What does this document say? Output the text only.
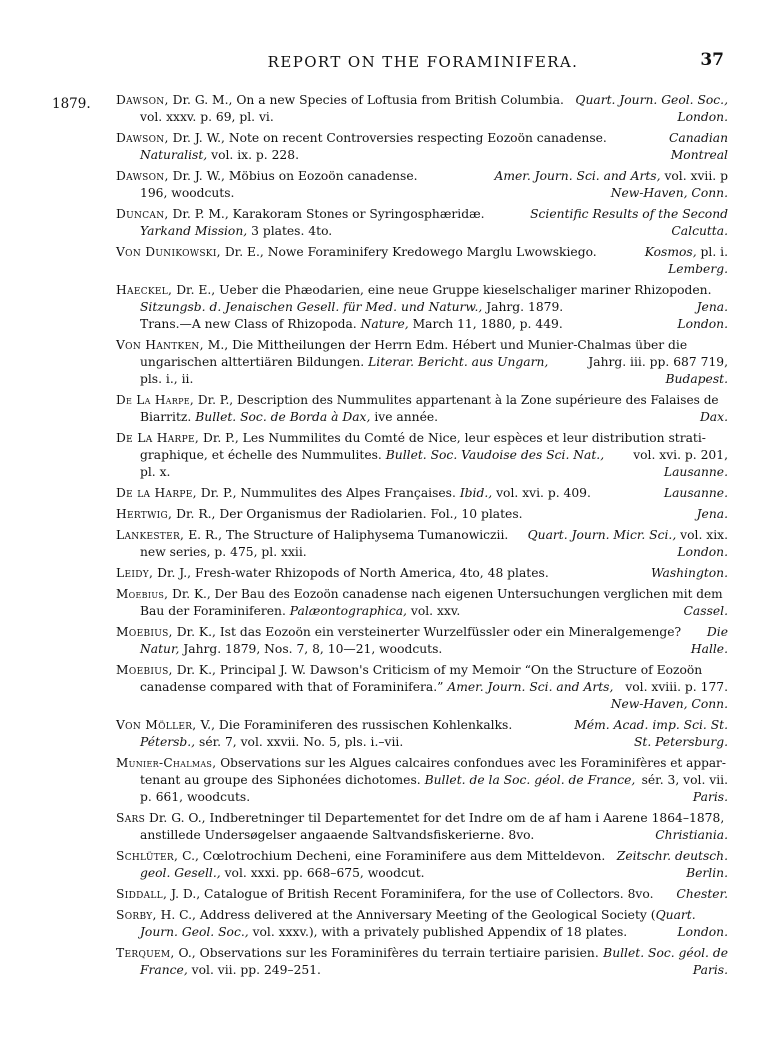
REPORT ON THE FORAMINIFERA.	37
1879. Dawson, Dr. G. M., On a new Species of Loftusia from British Columbia. Quart. Journ. Geol. Soc.,
vol. xxxv. p. 69, pl. vi.	London.
Dawson, Dr. J. W., Note on recent Controversies respecting Eozoön canadense.	Canadian
Naturalist, vol. ix. p. 228.	Montreal
Dawson, Dr. J. W., Möbius on Eozoön canadense.	Amer. Journ. Sci. and Arts, vol. xvii. p
196, woodcuts.	New-Haven, Conn.
Duncan, Dr. P. M., Karakoram Stones or Syringosphæridæ.	Scientific Results of the Second
Yarkand Mission, 3 plates. 4to.	Calcutta.
Von Dunikowski, Dr. E., Nowe Foraminifery Kredowego Marglu Lwowskiego.	Kosmos, pl. i.
Lemberg.
Haeckel, Dr. E., Ueber die Phæodarien, eine neue Gruppe kieselschaliger mariner Rhizopoden.
Sitzungsb. d. Jenaischen Gesell. für Med. und Naturw., Jahrg. 1879.	Jena.
Trans.—A new Class of Rhizopoda. Nature, March 11, 1880, p. 449.	London.
Von Hantken, M., Die Mittheilungen der Herrn Edm. Hébert und Munier-Chalmas über die
ungarischen alttertiären Bildungen. Literar. Bericht. aus Ungarn,	Jahrg. iii. pp. 687 719,
pls. i., ii.	Budapest.
De La Harpe, Dr. P., Description des Nummulites appartenant à la Zone supérieure des Falaises de
Biarritz. Bullet. Soc. de Borda à Dax, ive année.	Dax.
De La Harpe, Dr. P., Les Nummilites du Comté de Nice, leur espèces et leur distribution strati-
graphique, et échelle des Nummulites. Bullet. Soc. Vaudoise des Sci. Nat., vol. xvi. p. 201,
pl. x.	Lausanne.
De la Harpe, Dr. P., Nummulites des Alpes Françaises. Ibid., vol. xvi. p. 409.	Lausanne.
Hertwig, Dr. R., Der Organismus der Radiolarien. Fol., 10 plates.	Jena.
Lankester, E. R., The Structure of Haliphysema Tumanowiczii. Quart. Journ. Micr. Sci., vol. xix.
new series, p. 475, pl. xxii.	London.
Leidy, Dr. J., Fresh-water Rhizopods of North America, 4to, 48 plates.	Washington.
Moebius, Dr. K., Der Bau des Eozoön canadense nach eigenen Untersuchungen verglichen mit dem
Bau der Foraminiferen. Palæontographica, vol. xxv.	Cassel.
Moebius, Dr. K., Ist das Eozoön ein versteinerter Wurzelfüssler oder ein Mineralgemenge? Die
Natur, Jahrg. 1879, Nos. 7, 8, 10—21, woodcuts.	Halle.
Moebius, Dr. K., Principal J. W. Dawson's Criticism of my Memoir “On the Structure of Eozoön
canadense compared with that of Foraminifera.” Amer. Journ. Sci. and Arts, vol. xviii. p. 177.
New-Haven, Conn.
Von Möller, V., Die Foraminiferen des russischen Kohlenkalks.	Mém. Acad. imp. Sci. St.
Pétersb., sér. 7, vol. xxvii. No. 5, pls. i.–vii.	St. Petersburg.
Munier-Chalmas, Observations sur les Algues calcaires confondues avec les Foraminifères et appar-
tenant au groupe des Siphonées dichotomes. Bullet. de la Soc. géol. de France, sér. 3, vol. vii.
p. 661, woodcuts.	Paris.
Sars Dr. G. O., Indberetninger til Departementet for det Indre om de af ham i Aarene 1864–1878,
anstillede Undersøgelser angaaende Saltvandsfiskerierne. 8vo.	Christiania.
Schlüter, C., Cœlotrochium Decheni, eine Foraminifere aus dem Mitteldevon. Zeitschr. deutsch.
geol. Gesell., vol. xxxi. pp. 668–675, woodcut.	Berlin.
Siddall, J. D., Catalogue of British Recent Foraminifera, for the use of Collectors. 8vo.	Chester.
Sorby, H. C., Address delivered at the Anniversary Meeting of the Geological Society (Quart.
Journ. Geol. Soc., vol. xxxv.), with a privately published Appendix of 18 plates.	London.
Terquem, O., Observations sur les Foraminifères du terrain tertiaire parisien. Bullet. Soc. géol. de
France, vol. vii. pp. 249–251.	Paris.
